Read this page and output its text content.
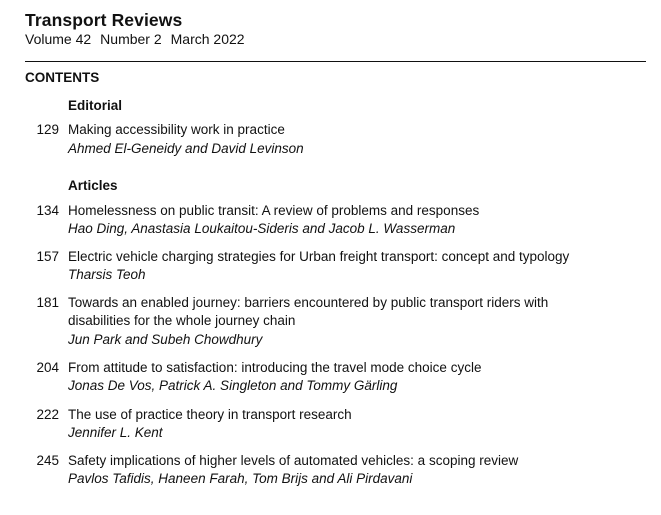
Transport Reviews
Volume 42 Number 2 March 2022
CONTENTS
Editorial
129 Making accessibility work in practice
Ahmed El-Geneidy and David Levinson
Articles
134 Homelessness on public transit: A review of problems and responses
Hao Ding, Anastasia Loukaitou-Sideris and Jacob L. Wasserman
157 Electric vehicle charging strategies for Urban freight transport: concept and typology
Tharsis Teoh
181 Towards an enabled journey: barriers encountered by public transport riders with disabilities for the whole journey chain
Jun Park and Subeh Chowdhury
204 From attitude to satisfaction: introducing the travel mode choice cycle
Jonas De Vos, Patrick A. Singleton and Tommy Gärling
222 The use of practice theory in transport research
Jennifer L. Kent
245 Safety implications of higher levels of automated vehicles: a scoping review
Pavlos Tafidis, Haneen Farah, Tom Brijs and Ali Pirdavani
